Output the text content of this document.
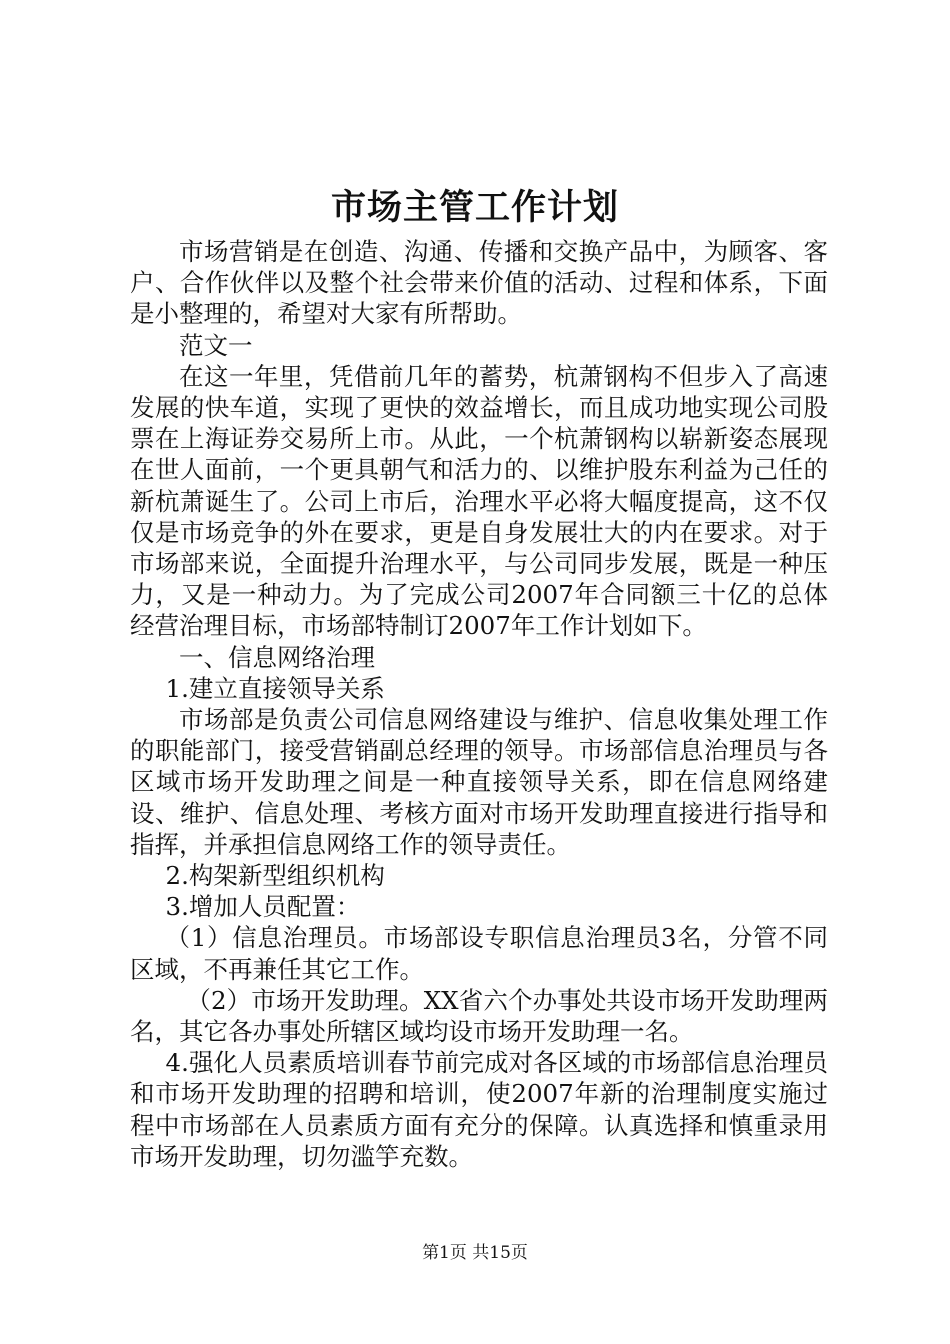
市场主管工作计划

市场营销是在创造、沟通、传播和交换产品中，为顾客、客户、合作伙伴以及整个社会带来价值的活动、过程和体系，下面是小整理的，希望对大家有所帮助。

范文一

在这一年里，凭借前几年的蓄势，杭萧钢构不但步入了高速发展的快车道，实现了更快的效益增长，而且成功地实现公司股票在上海证券交易所上市。从此，一个杭萧钢构以崭新姿态展现在世人面前，一个更具朝气和活力的、以维护股东利益为己任的新杭萧诞生了。公司上市后，治理水平必将大幅度提高，这不仅仅是市场竞争的外在要求，更是自身发展壮大的内在要求。对于市场部来说，全面提升治理水平，与公司同步发展，既是一种压力，又是一种动力。为了完成公司2007年合同额三十亿的总体经营治理目标，市场部特制订2007年工作计划如下。

一、信息网络治理

1.建立直接领导关系

市场部是负责公司信息网络建设与维护、信息收集处理工作的职能部门，接受营销副总经理的领导。市场部信息治理员与各区域市场开发助理之间是一种直接领导关系，即在信息网络建设、维护、信息处理、考核方面对市场开发助理直接进行指导和指挥，并承担信息网络工作的领导责任。

2.构架新型组织机构

3.增加人员配置：

（1）信息治理员。市场部设专职信息治理员3名，分管不同区域，不再兼任其它工作。

（2）市场开发助理。XX省六个办事处共设市场开发助理两名，其它各办事处所辖区域均设市场开发助理一名。

4.强化人员素质培训春节前完成对各区域的市场部信息治理员和市场开发助理的招聘和培训，使2007年新的治理制度实施过程中市场部在人员素质方面有充分的保障。认真选择和慎重录用市场开发助理，切勿滥竽充数。

第1页 共15页
